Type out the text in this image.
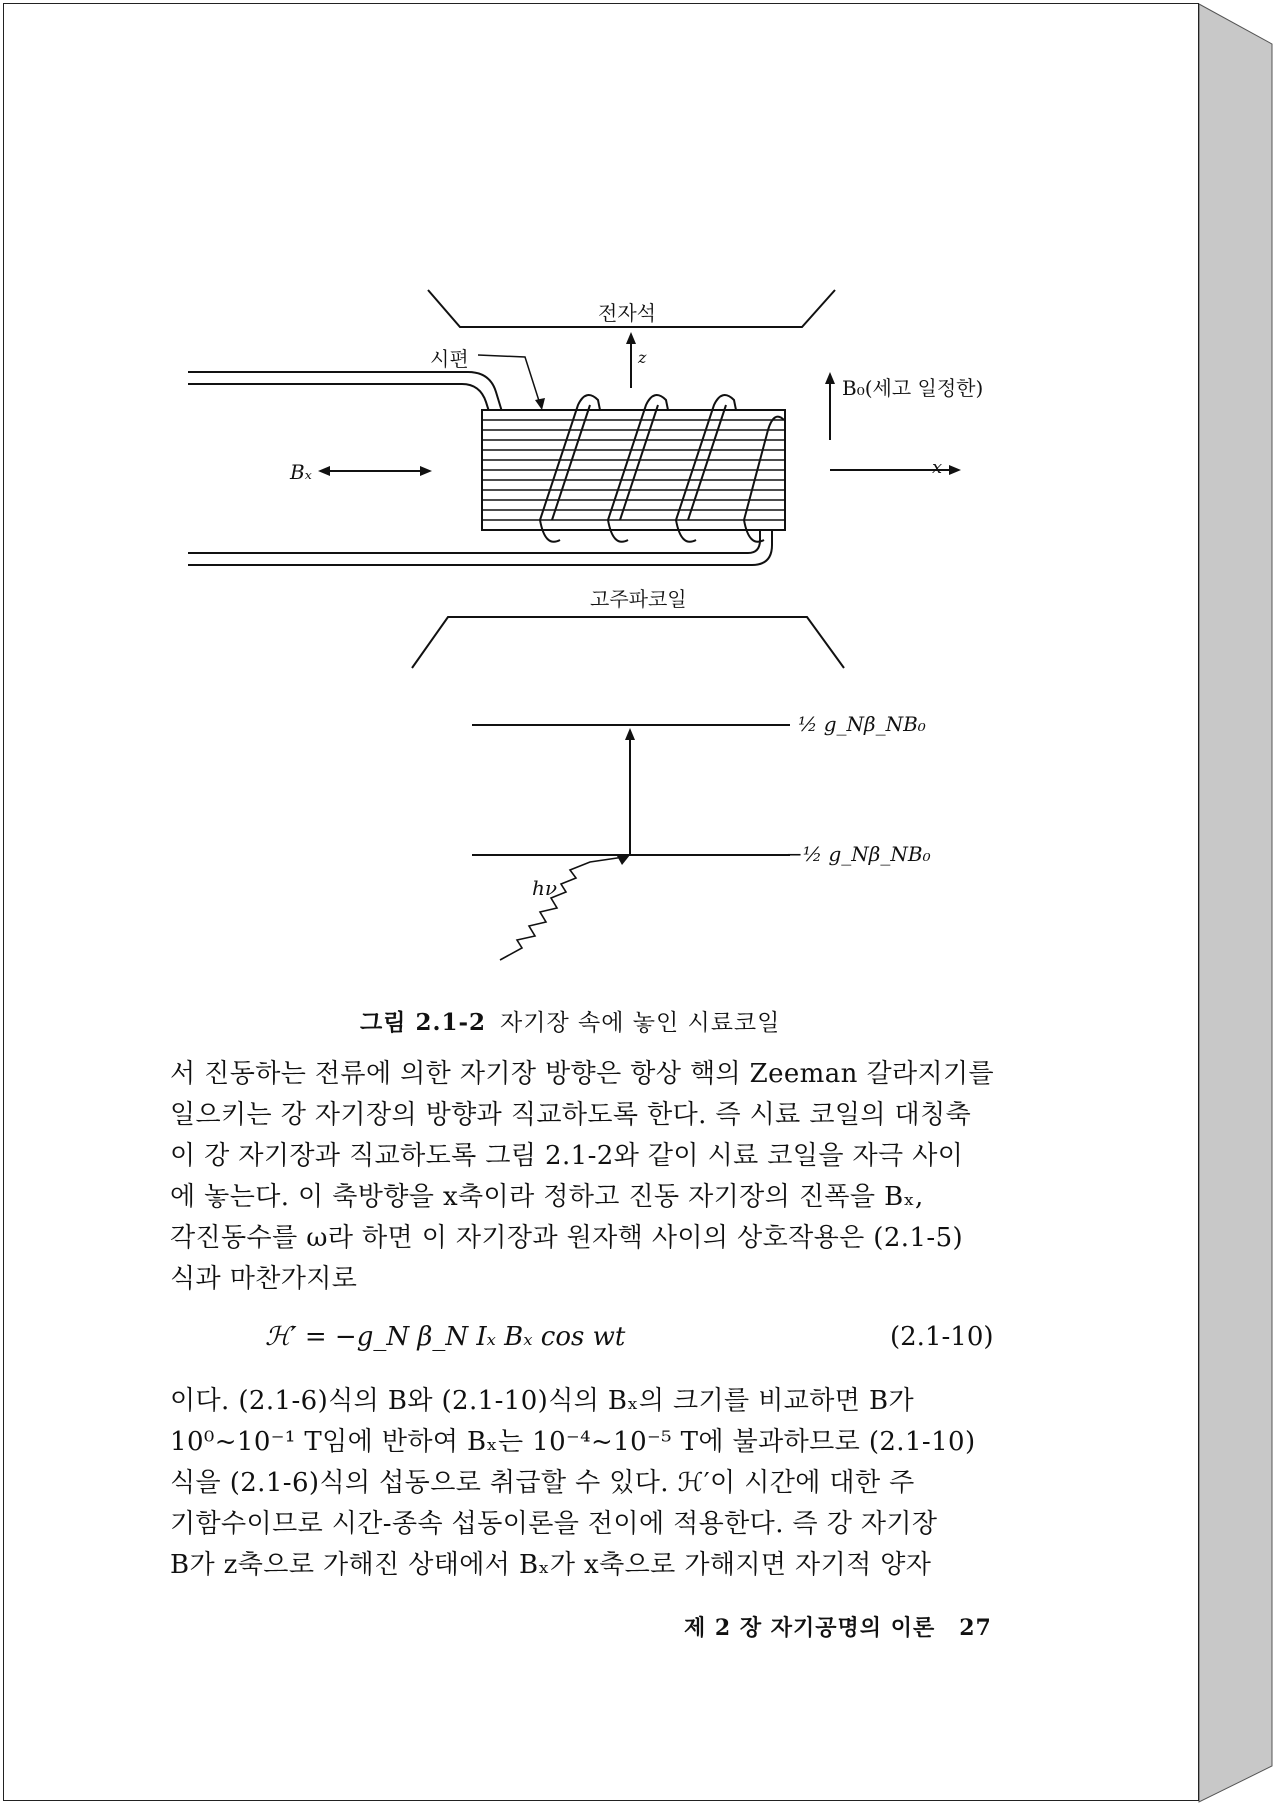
전자석
시편	z
B₀(세고 일정한)
x
Bₓ
고주파코일
½ g_Nβ_NB₀
−½ g_Nβ_NB₀
hν
그림 2.1-2 자기장 속에 놓인 시료코일
서 진동하는 전류에 의한 자기장 방향은 항상 핵의 Zeeman 갈라지기를
일으키는 강 자기장의 방향과 직교하도록 한다. 즉 시료 코일의 대칭축
이 강 자기장과 직교하도록 그림 2.1-2와 같이 시료 코일을 자극 사이
에 놓는다. 이 축방향을 x축이라 정하고 진동 자기장의 진폭을 Bₓ,
각진동수를 ω라 하면 이 자기장과 원자핵 사이의 상호작용은 (2.1-5)
식과 마찬가지로
ℋ′ = −g_N β_N Iₓ Bₓ cos wt	(2.1-10)
이다. (2.1-6)식의 B와 (2.1-10)식의 Bₓ의 크기를 비교하면 B가
10⁰~10⁻¹ T임에 반하여 Bₓ는 10⁻⁴~10⁻⁵ T에 불과하므로 (2.1-10)
식을 (2.1-6)식의 섭동으로 취급할 수 있다. ℋ′이 시간에 대한 주
기함수이므로 시간-종속 섭동이론을 전이에 적용한다. 즉 강 자기장
B가 z축으로 가해진 상태에서 Bₓ가 x축으로 가해지면 자기적 양자
제 2 장 자기공명의 이론 27
